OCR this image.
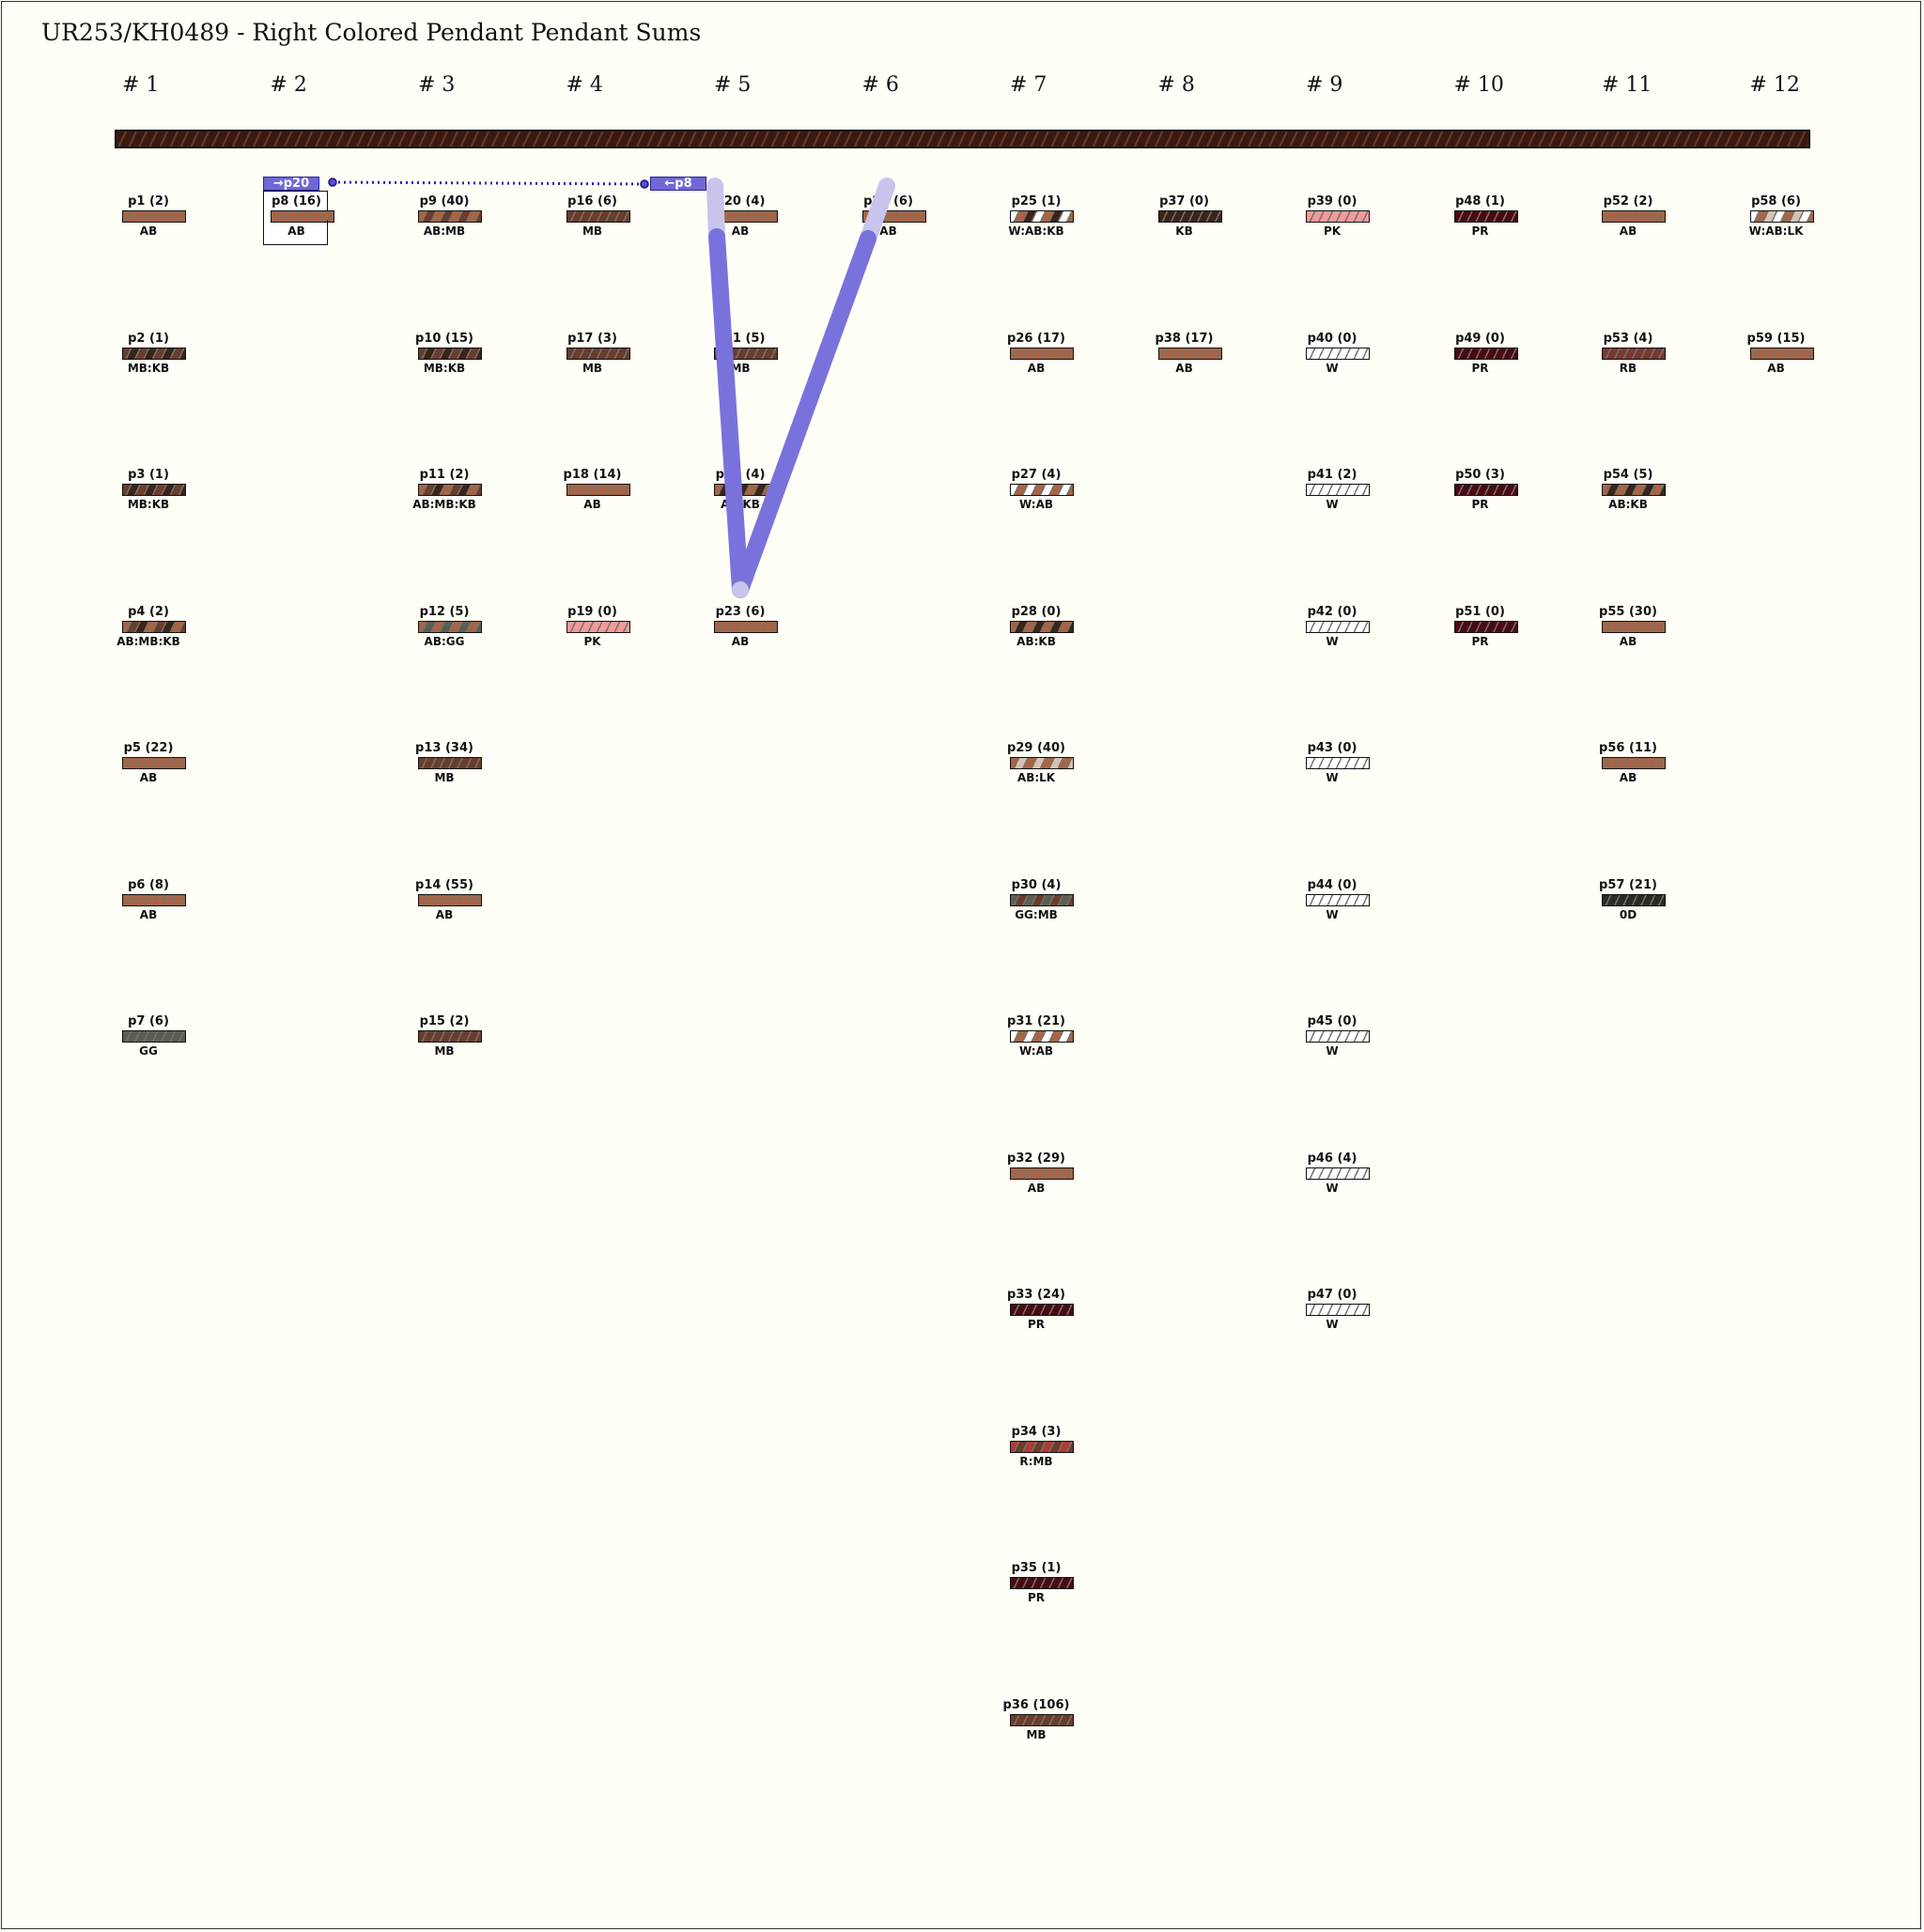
UR253/KH0489 - Right Colored Pendant Pendant Sums
# 1	# 2	# 3	# 4	# 5	# 6	# 7	# 8	# 9	# 10	# 11	# 12
p1 (2)
AB
p2 (1)
MB:KB
p3 (1)
MB:KB
p4 (2)
AB:MB:KB
p5 (22)
AB
p6 (8)
AB
p7 (6)
GG
p8 (16)
AB
p9 (40)
AB:MB
p10 (15)
MB:KB
p11 (2)
AB:MB:KB
p12 (5)
AB:GG
p13 (34)
MB
p14 (55)
AB
p15 (2)
MB
p16 (6)
MB
p17 (3)
MB
p18 (14)
AB
p19 (0)
PK
p20 (4)
AB
p21 (5)
MB
p22 (4)
AB:KB
p23 (6)
AB
p24 (6)
AB
p25 (1)
W:AB:KB
p26 (17)
AB
p27 (4)
W:AB
p28 (0)
AB:KB
p29 (40)
AB:LK
p30 (4)
GG:MB
p31 (21)
W:AB
p32 (29)
AB
p33 (24)
PR
p34 (3)
R:MB
p35 (1)
PR
p36 (106)
MB
p37 (0)
KB
p38 (17)
AB
p39 (0)
PK
p40 (0)
W
p41 (2)
W
p42 (0)
W
p43 (0)
W
p44 (0)
W
p45 (0)
W
p46 (4)
W
p47 (0)
W
p48 (1)
PR
p49 (0)
PR
p50 (3)
PR
p51 (0)
PR
p52 (2)
AB
p53 (4)
RB
p54 (5)
AB:KB
p55 (30)
AB
p56 (11)
AB
p57 (21)
0D
p58 (6)
W:AB:LK
p59 (15)
AB
→p20	←p8
